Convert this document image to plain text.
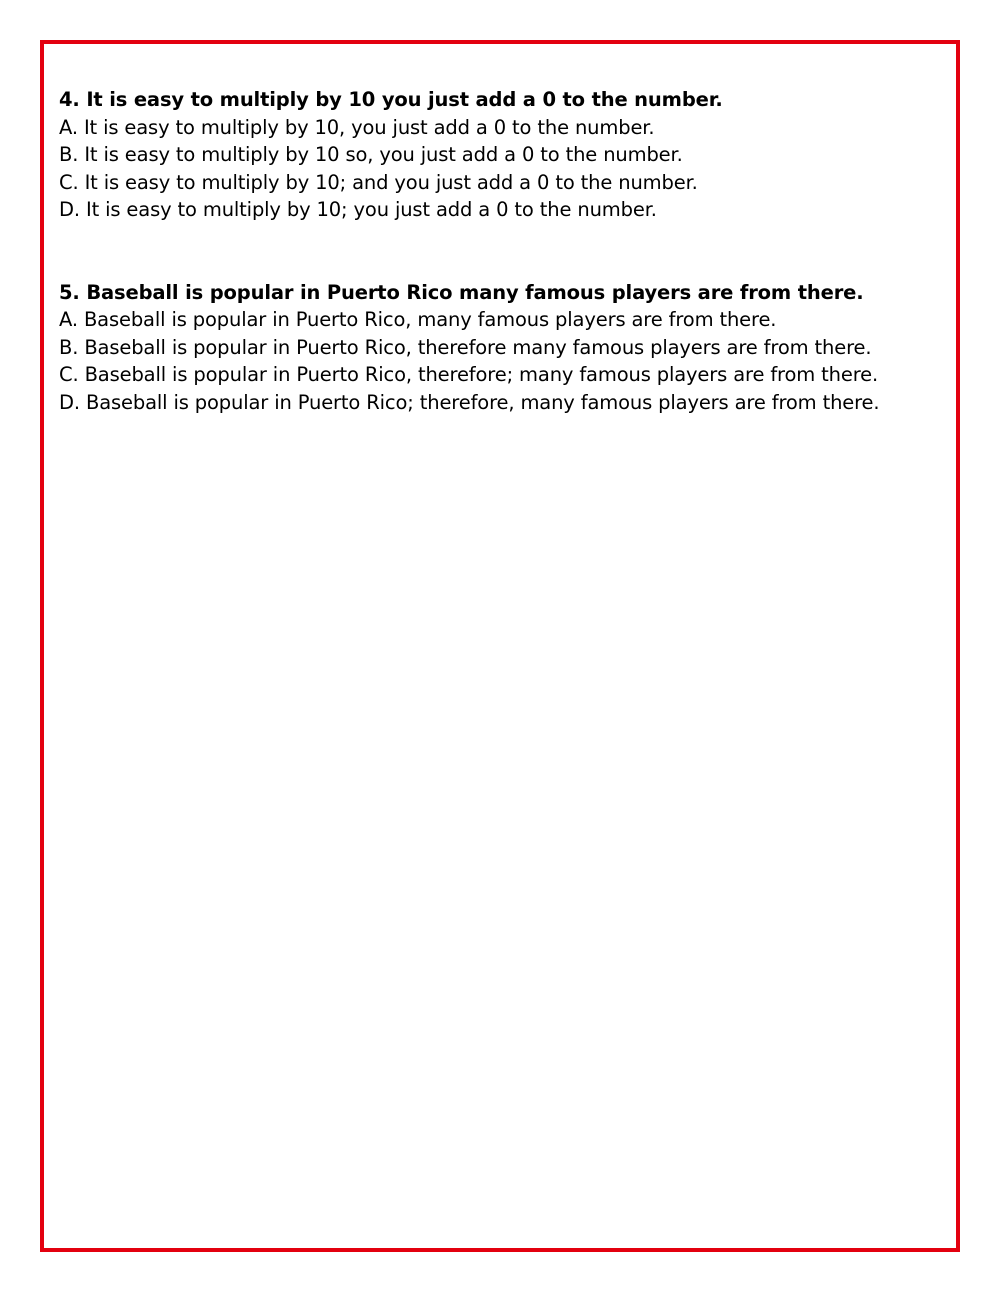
4. It is easy to multiply by 10 you just add a 0 to the number.
A. It is easy to multiply by 10, you just add a 0 to the number.
B. It is easy to multiply by 10 so, you just add a 0 to the number.
C. It is easy to multiply by 10; and you just add a 0 to the number.
D. It is easy to multiply by 10; you just add a 0 to the number.
5. Baseball is popular in Puerto Rico many famous players are from there.
A. Baseball is popular in Puerto Rico, many famous players are from there.
B. Baseball is popular in Puerto Rico, therefore many famous players are from there.
C. Baseball is popular in Puerto Rico, therefore; many famous players are from there.
D. Baseball is popular in Puerto Rico; therefore, many famous players are from there.
